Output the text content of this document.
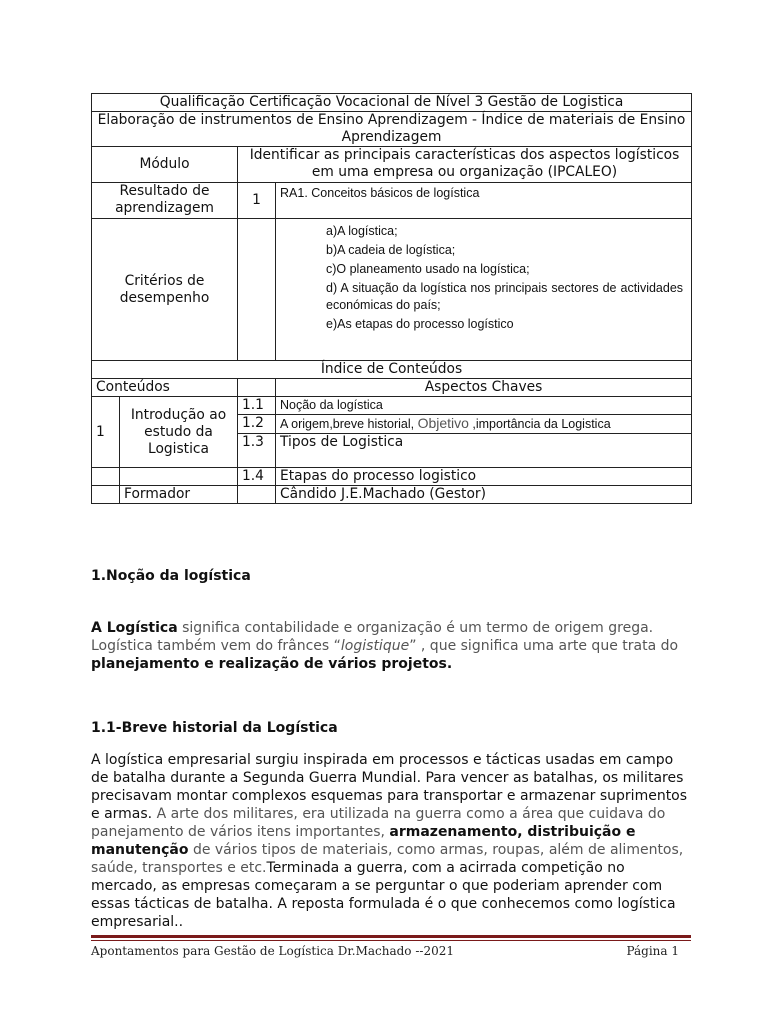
Qualificação Certificação Vocacional de Nível 3 Gestão de Logistica			
Elaboração de instrumentos de Ensino Aprendizagem - Índice de materiais de Ensino Aprendizagem			
Módulo		Identificar as principais características dos aspectos logísticos em uma empresa ou organização (IPCALEO)	
Resultado de aprendizagem		1	RA1. Conceitos básicos de logística
Critérios de desempenho			a)A logística;

b)A cadeia de logística;

c)O planeamento usado na logística;

d) A situação da logística nos principais sectores de actividades económicas do país;

e)As etapas do processo logístico

Índice de Conteúdos			
Conteúdos			Aspectos Chaves
1	Introdução ao estudo da Logistica	1.1	Noção da logística
		1.2	A origem,breve historial, Objetivo ,importância da Logistica
		1.3	Tipos de Logistica
		1.4	Etapas do processo logistico
	Formador		Cândido J.E.Machado (Gestor)
1.Noção da logística
A Logística significa contabilidade e organização é um termo de origem grega. Logística também vem do frânces “logistique” , que significa uma arte que trata do planejamento e realização de vários projetos.
1.1-Breve historial da Logística
A logística empresarial surgiu inspirada em processos e tácticas usadas em campo de batalha durante a Segunda Guerra Mundial. Para vencer as batalhas, os militares precisavam montar complexos esquemas para transportar e armazenar suprimentos e armas. A arte dos militares, era utilizada na guerra como a área que cuidava do panejamento de vários itens importantes, armazenamento, distribuição e manutenção de vários tipos de materiais, como armas, roupas, além de alimentos, saúde, transportes e etc.Terminada a guerra, com a acirrada competição no mercado, as empresas começaram a se perguntar o que poderiam aprender com essas tácticas de batalha. A reposta formulada é o que conhecemos como logística empresarial..
Apontamentos para Gestão de Logística Dr.Machado --2021	Página 1
